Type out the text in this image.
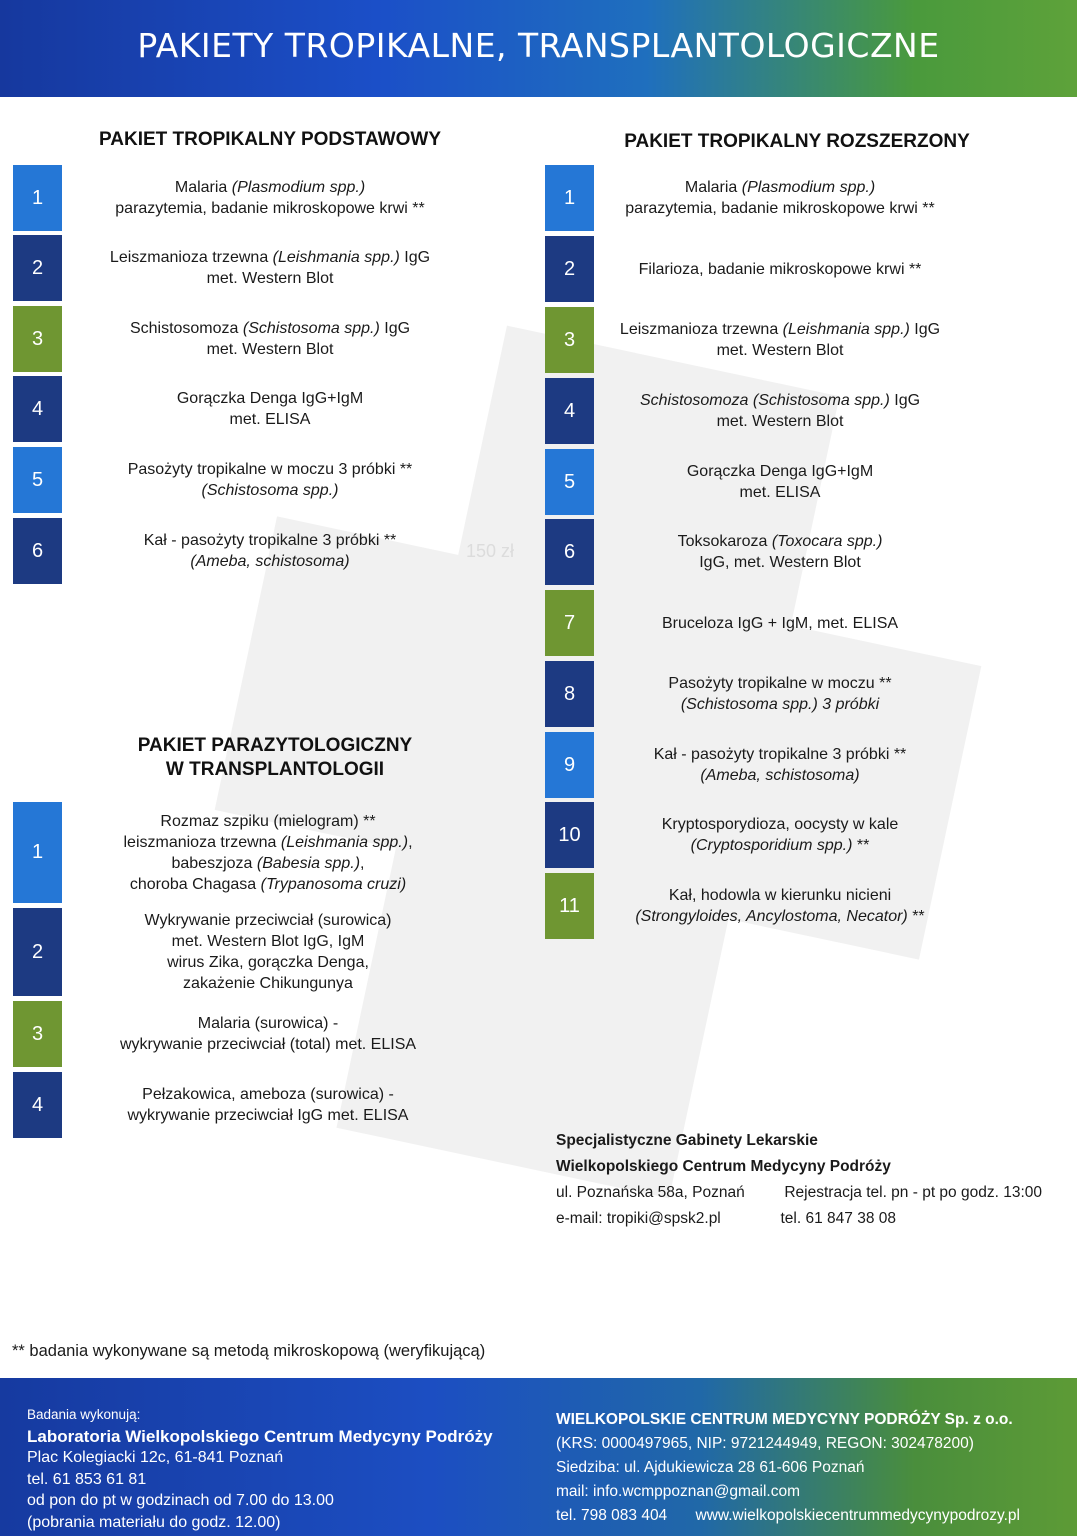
PAKIETY TROPIKALNE, TRANSPLANTOLOGICZNE
150 zł
PAKIET TROPIKALNY PODSTAWOWY	PAKIET TROPIKALNY ROZSZERZONY
PAKIET PARAZYTOLOGICZNY
W TRANSPLANTOLOGII
1	Malaria (Plasmodium spp.)
parazytemia, badanie mikroskopowe krwi **
2	Leiszmanioza trzewna (Leishmania spp.) IgG
met. Western Blot
3	Schistosomoza (Schistosoma spp.) IgG
met. Western Blot
4	Gorączka Denga IgG+IgM
met. ELISA
5	Pasożyty tropikalne w moczu 3 próbki **
(Schistosoma spp.)
6	Kał - pasożyty tropikalne 3 próbki **
(Ameba, schistosoma)
1	Malaria (Plasmodium spp.)
parazytemia, badanie mikroskopowe krwi **
2	Filarioza, badanie mikroskopowe krwi **
3	Leiszmanioza trzewna (Leishmania spp.) IgG
met. Western Blot
4	Schistosomoza (Schistosoma spp.) IgG
met. Western Blot
5	Gorączka Denga IgG+IgM
met. ELISA
6	Toksokaroza (Toxocara spp.)
IgG, met. Western Blot
7	Bruceloza IgG + IgM, met. ELISA
8	Pasożyty tropikalne w moczu **
(Schistosoma spp.) 3 próbki
9	Kał - pasożyty tropikalne 3 próbki **
(Ameba, schistosoma)
10	Kryptosporydioza, oocysty w kale
(Cryptosporidium spp.) **
11	Kał, hodowla w kierunku nicieni
(Strongyloides, Ancylostoma, Necator) **
1
Rozmaz szpiku (mielogram) **
leiszmanioza trzewna (Leishmania spp.),
babeszjoza (Babesia spp.),
choroba Chagasa (Trypanosoma cruzi)
2
Wykrywanie przeciwciał (surowica)
met. Western Blot IgG, IgM
wirus Zika, gorączka Denga,
zakażenie Chikungunya
3	Malaria (surowica) -
wykrywanie przeciwciał (total) met. ELISA
4	Pełzakowica, ameboza (surowica) -
wykrywanie przeciwciał IgG met. ELISA
Specjalistyczne Gabinety Lekarskie
Wielkopolskiego Centrum Medycyny Podróży
ul. Poznańska 58a, Poznań	Rejestracja tel. pn - pt po godz. 13:00
e-mail: tropiki@spsk2.pl	tel. 61 847 38 08
** badania wykonywane są metodą mikroskopową (weryfikującą)
Badania wykonują:
Laboratoria Wielkopolskiego Centrum Medycyny Podróży
Plac Kolegiacki 12c, 61-841 Poznań
tel. 61 853 61 81
od pon do pt w godzinach od 7.00 do 13.00
(pobrania materiału do godz. 12.00)
WIELKOPOLSKIE CENTRUM MEDYCYNY PODRÓŻY Sp. z o.o.
(KRS: 0000497965, NIP: 9721244949, REGON: 302478200)
Siedziba: ul. Ajdukiewicza 28 61-606 Poznań
mail: info.wcmppoznan@gmail.com
tel. 798 083 404 www.wielkopolskiecentrummedycynypodrozy.pl
